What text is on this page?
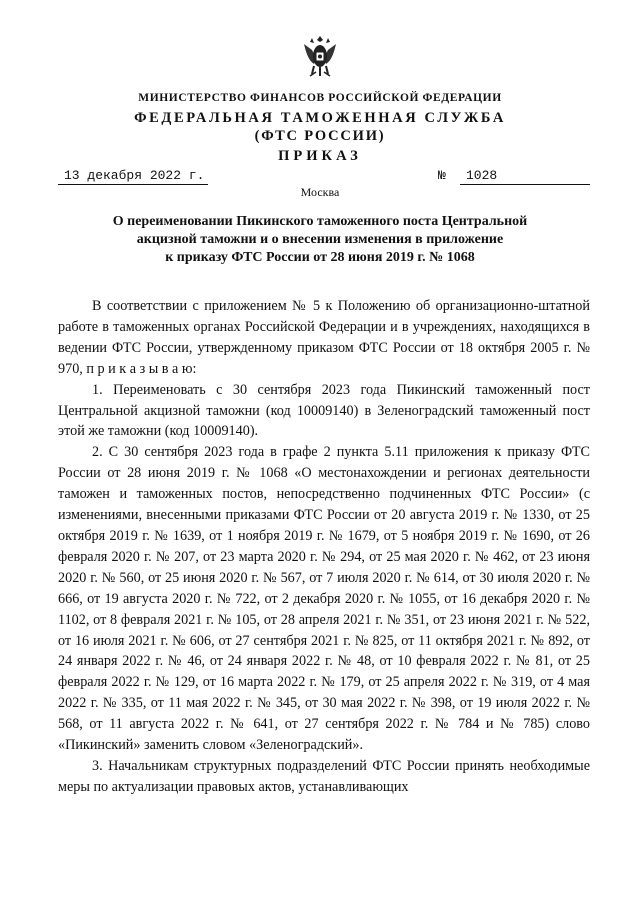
МИНИСТЕРСТВО ФИНАНСОВ РОССИЙСКОЙ ФЕДЕРАЦИИ
ФЕДЕРАЛЬНАЯ ТАМОЖЕННАЯ СЛУЖБА
(ФТС РОССИИ)
ПРИКАЗ
13 декабря 2022 г.	№	1028
Москва
О переименовании Пикинского таможенного поста Центральной
акцизной таможни и о внесении изменения в приложение
к приказу ФТС России от 28 июня 2019 г. № 1068

В соответствии с приложением № 5 к Положению об организационно-штатной работе в таможенных органах Российской Федерации и в учреждениях, находящихся в ведении ФТС России, утвержденному приказом ФТС России от 18 октября 2005 г. № 970, п р и к а з ы в а ю:

1. Переименовать с 30 сентября 2023 года Пикинский таможенный пост Центральной акцизной таможни (код 10009140) в Зеленоградский таможенный пост этой же таможни (код 10009140).

2. С 30 сентября 2023 года в графе 2 пункта 5.11 приложения к приказу ФТС России от 28 июня 2019 г. № 1068 «О местонахождении и регионах деятельности таможен и таможенных постов, непосредственно подчиненных ФТС России» (с изменениями, внесенными приказами ФТС России от 20 августа 2019 г. № 1330, от 25 октября 2019 г. № 1639, от 1 ноября 2019 г. № 1679, от 5 ноября 2019 г. № 1690, от 26 февраля 2020 г. № 207, от 23 марта 2020 г. № 294, от 25 мая 2020 г. № 462, от 23 июня 2020 г. № 560, от 25 июня 2020 г. № 567, от 7 июля 2020 г. № 614, от 30 июля 2020 г. № 666, от 19 августа 2020 г. № 722, от 2 декабря 2020 г. № 1055, от 16 декабря 2020 г. № 1102, от 8 февраля 2021 г. № 105, от 28 апреля 2021 г. № 351, от 23 июня 2021 г. № 522, от 16 июля 2021 г. № 606, от 27 сентября 2021 г. № 825, от 11 октября 2021 г. № 892, от 24 января 2022 г. № 46, от 24 января 2022 г. № 48, от 10 февраля 2022 г. № 81, от 25 февраля 2022 г. № 129, от 16 марта 2022 г. № 179, от 25 апреля 2022 г. № 319, от 4 мая 2022 г. № 335, от 11 мая 2022 г. № 345, от 30 мая 2022 г. № 398, от 19 июля 2022 г. № 568, от 11 августа 2022 г. № 641, от 27 сентября 2022 г. № 784 и № 785) слово «Пикинский» заменить словом «Зеленоградский».

3. Начальникам структурных подразделений ФТС России принять необходимые меры по актуализации правовых актов, устанавливающих
